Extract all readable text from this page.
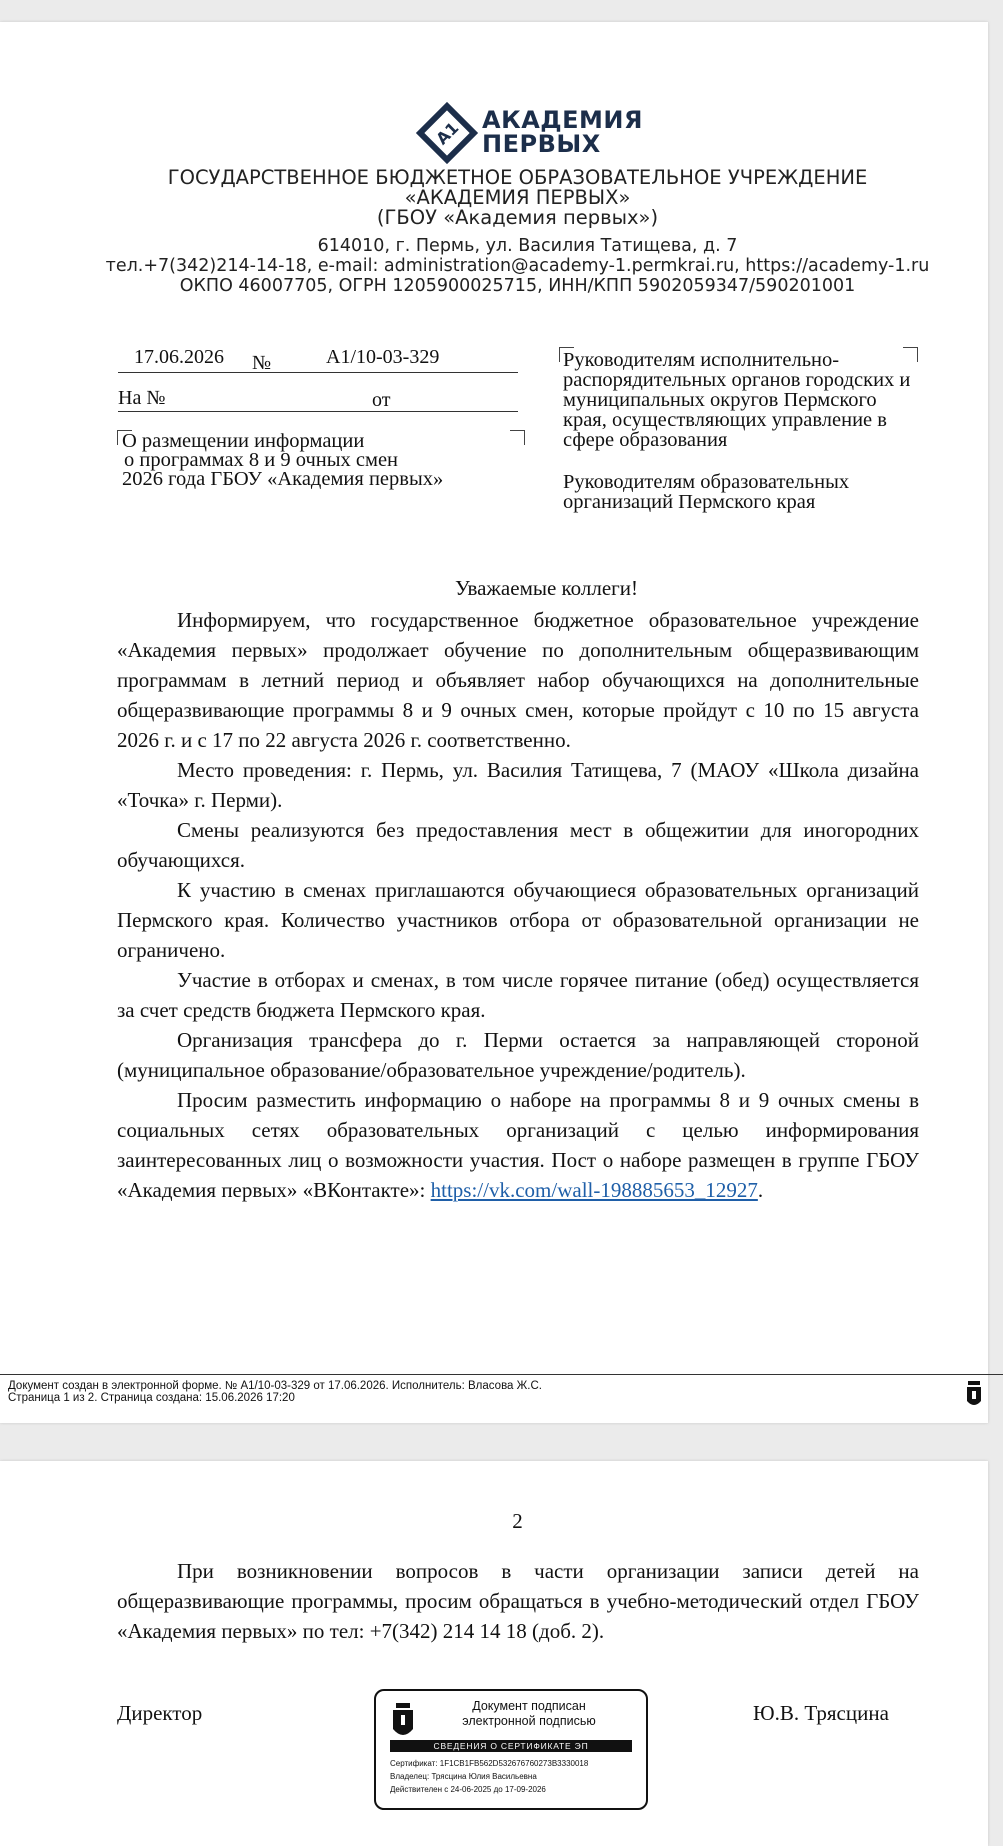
A1 АКАДЕМИЯ
ПЕРВЫХ
ГОСУДАРСТВЕННОЕ БЮДЖЕТНОЕ ОБРАЗОВАТЕЛЬНОЕ УЧРЕЖДЕНИЕ
«АКАДЕМИЯ ПЕРВЫХ»
(ГБОУ «Академия первых»)
614010, г. Пермь, ул. Василия Татищева, д. 7
тел.+7(342)214-14-18, e-mail: administration@academy-1.permkrai.ru, https://academy-1.ru
ОКПО 46007705, ОГРН 1205900025715, ИНН/КПП 5902059347/590201001
17.06.2026 №	А1/10-03-329
На №	от
О размещении информации
о программах 8 и 9 очных смен
2026 года ГБОУ «Академия первых»
Руководителям исполнительно-распорядительных органов городских и муниципальных округов Пермского края, осуществляющих управление в сфере образования
Руководителям образовательных организаций Пермского края
Уважаемые коллеги!

Информируем, что государственное бюджетное образовательное учреждение «Академия первых» продолжает обучение по дополнительным общеразвивающим программам в летний период и объявляет набор обучающихся на дополнительные общеразвивающие программы 8 и 9 очных смен, которые пройдут с 10 по 15 августа 2026 г. и с 17 по 22 августа 2026 г. соответственно.

Место проведения: г. Пермь, ул. Василия Татищева, 7 (МАОУ «Школа дизайна «Точка» г. Перми).

Смены реализуются без предоставления мест в общежитии для иногородних обучающихся.

К участию в сменах приглашаются обучающиеся образовательных организаций Пермского края. Количество участников отбора от образовательной организации не ограничено.

Участие в отборах и сменах, в том числе горячее питание (обед) осуществляется за счет средств бюджета Пермского края.

Организация трансфера до г. Перми остается за направляющей стороной (муниципальное образование/образовательное учреждение/родитель).

Просим разместить информацию о наборе на программы 8 и 9 очных смены в социальных сетях образовательных организаций с целью информирования заинтересованных лиц о возможности участия. Пост о наборе размещен в группе ГБОУ «Академия первых» «ВКонтакте»: https://vk.com/wall-198885653_12927.

Документ создан в электронной форме. № А1/10-03-329 от 17.06.2026. Исполнитель: Власова Ж.С.
Страница 1 из 2. Страница создана: 15.06.2026 17:20
2

При возникновении вопросов в части организации записи детей на общеразвивающие программы, просим обращаться в учебно-методический отдел ГБОУ «Академия первых» по тел: +7(342) 214 14 18 (доб. 2).

Директор	Документ подписан
электронной подписью
СВЕДЕНИЯ О СЕРТИФИКАТЕ ЭП
Сертификат: 1F1CB1FB562D532676760273B3330018
Владелец: Трясцина Юлия Васильевна
Действителен с 24-06-2025 до 17-09-2026
Ю.В. Трясцина
